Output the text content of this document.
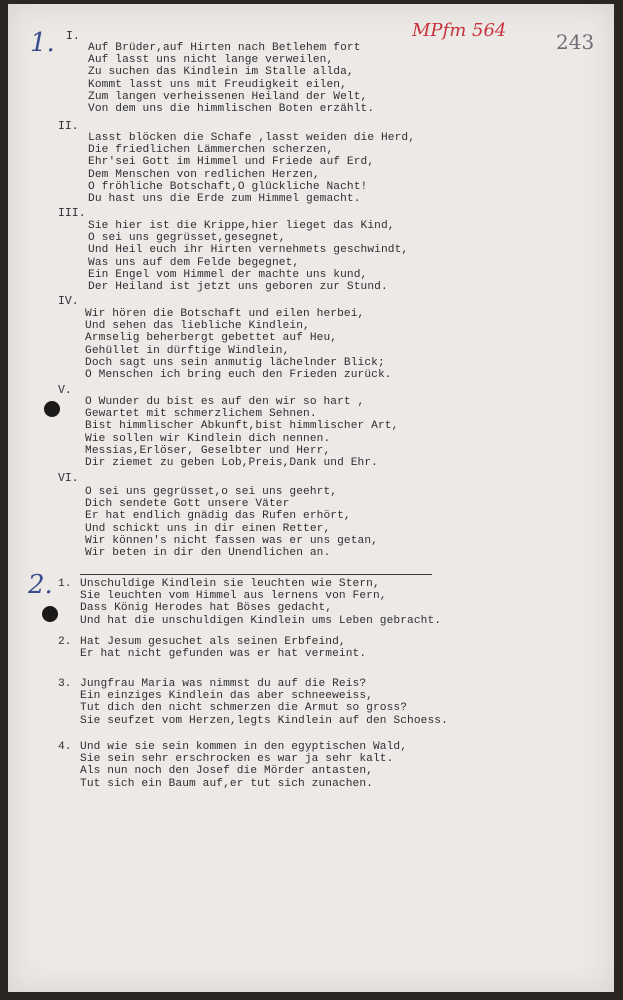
MPfm 564 243
1.
2.
I.
Auf Brüder,auf Hirten nach Betlehem fort
Auf lasst uns nicht lange verweilen,
Zu suchen das Kindlein im Stalle allda,
Kommt lasst uns mit Freudigkeit eilen,
Zum langen verheissenen Heiland der Welt,
Von dem uns die himmlischen Boten erzählt.
II.
Lasst blöcken die Schafe ,lasst weiden die Herd,
Die friedlichen Lämmerchen scherzen,
Ehr'sei Gott im Himmel und Friede auf Erd,
Dem Menschen von redlichen Herzen,
O fröhliche Botschaft,O glückliche Nacht!
Du hast uns die Erde zum Himmel gemacht.
III.
Sie hier ist die Krippe,hier lieget das Kind,
O sei uns gegrüsset,gesegnet,
Und Heil euch ihr Hirten vernehmets geschwindt,
Was uns auf dem Felde begegnet,
Ein Engel vom Himmel der machte uns kund,
Der Heiland ist jetzt uns geboren zur Stund.
IV.
Wir hören die Botschaft und eilen herbei,
Und sehen das liebliche Kindlein,
Armselig beherbergt gebettet auf Heu,
Gehüllet in dürftige Windlein,
Doch sagt uns sein anmutig lächelnder Blick;
O Menschen ich bring euch den Frieden zurück.
V.
O Wunder du bist es auf den wir so hart ,
Gewartet mit schmerzlichem Sehnen.
Bist himmlischer Abkunft,bist himmlischer Art,
Wie sollen wir Kindlein dich nennen.
Messias,Erlöser, Geselbter und Herr,
Dir ziemet zu geben Lob,Preis,Dank und Ehr.
VI.
O sei uns gegrüsset,o sei uns geehrt,
Dich sendete Gott unsere Väter
Er hat endlich gnädig das Rufen erhört,
Und schickt uns in dir einen Retter,
Wir können's nicht fassen was er uns getan,
Wir beten in dir den Unendlichen an.
1. Unschuldige Kindlein sie leuchten wie Stern,
Sie leuchten vom Himmel aus lernens von Fern,
Dass König Herodes hat Böses gedacht,
Und hat die unschuldigen Kindlein ums Leben gebracht.
2. Hat Jesum gesuchet als seinen Erbfeind,
Er hat nicht gefunden was er hat vermeint.
3. Jungfrau Maria was nimmst du auf die Reis?
Ein einziges Kindlein das aber schneeweiss,
Tut dich den nicht schmerzen die Armut so gross?
Sie seufzet vom Herzen,legts Kindlein auf den Schoess.
4. Und wie sie sein kommen in den egyptischen Wald,
Sie sein sehr erschrocken es war ja sehr kalt.
Als nun noch den Josef die Mörder antasten,
Tut sich ein Baum auf,er tut sich zunachen.
